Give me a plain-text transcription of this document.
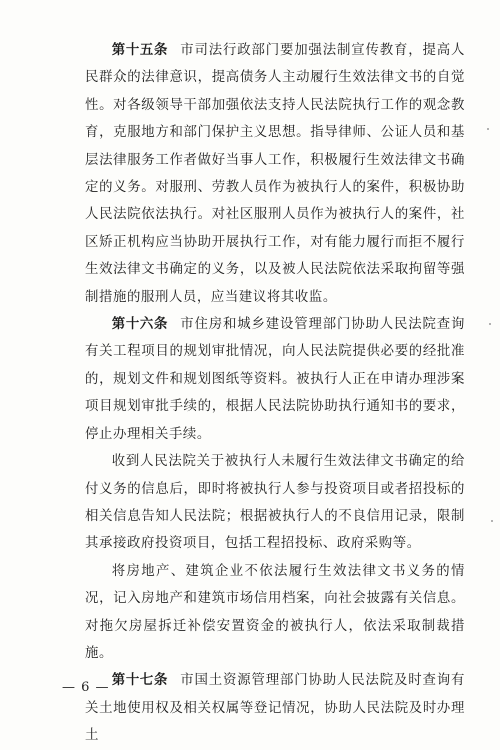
第十五条 市司法行政部门要加强法制宣传教育，提高人民群众的法律意识，提高债务人主动履行生效法律文书的自觉性。对各级领导干部加强依法支持人民法院执行工作的观念教育，克服地方和部门保护主义思想。指导律师、公证人员和基层法律服务工作者做好当事人工作，积极履行生效法律文书确定的义务。对服刑、劳教人员作为被执行人的案件，积极协助人民法院依法执行。对社区服刑人员作为被执行人的案件，社区矫正机构应当协助开展执行工作，对有能力履行而拒不履行生效法律文书确定的义务，以及被人民法院依法采取拘留等强制措施的服刑人员，应当建议将其收监。

第十六条 市住房和城乡建设管理部门协助人民法院查询有关工程项目的规划审批情况，向人民法院提供必要的经批准的，规划文件和规划图纸等资料。被执行人正在申请办理涉案项目规划审批手续的，根据人民法院协助执行通知书的要求，停止办理相关手续。

收到人民法院关于被执行人未履行生效法律文书确定的给付义务的信息后，即时将被执行人参与投资项目或者招投标的相关信息告知人民法院；根据被执行人的不良信用记录，限制其承接政府投资项目，包括工程招投标、政府采购等。

将房地产、建筑企业不依法履行生效法律文书义务的情况，记入房地产和建筑市场信用档案，向社会披露有关信息。对拖欠房屋拆迁补偿安置资金的被执行人，依法采取制裁措施。

第十七条 市国土资源管理部门协助人民法院及时查询有关土地使用权及相关权属等登记情况，协助人民法院及时办理土

— 6 —
